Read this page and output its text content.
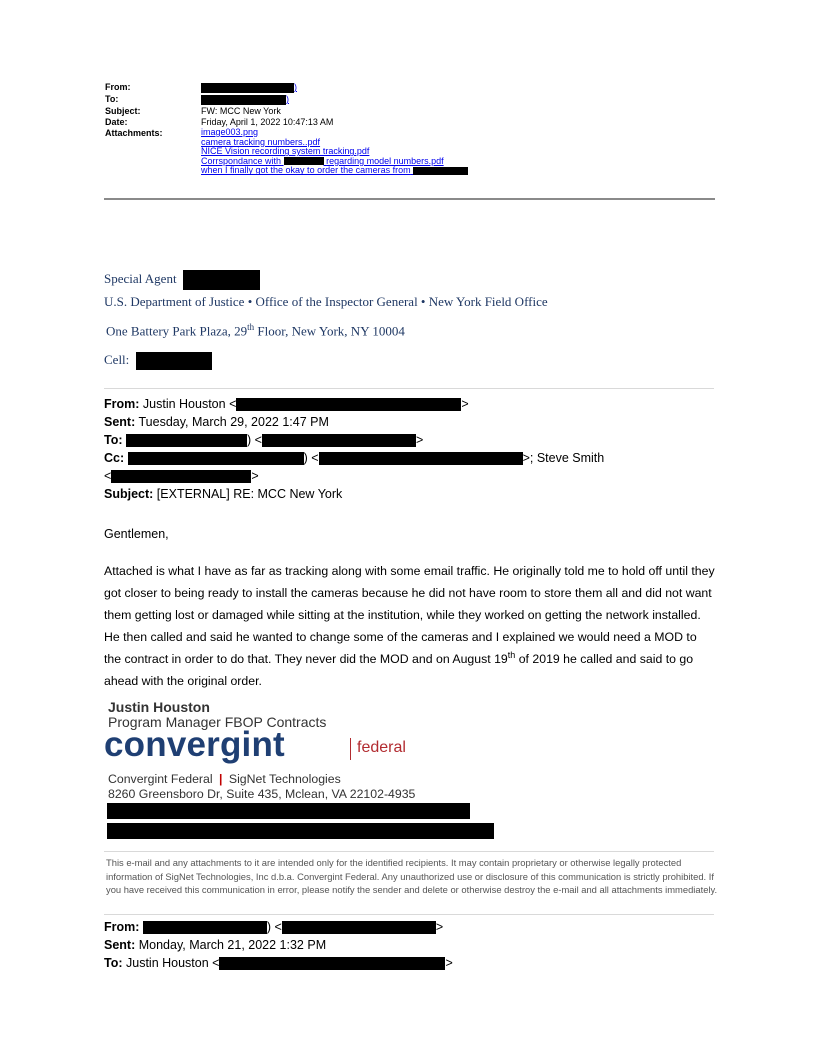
From:	)
To:	)
Subject:	FW: MCC New York
Date:	Friday, April 1, 2022 10:47:13 AM
Attachments:	image003.png
camera tracking numbers..pdf
NICE Vision recording system tracking.pdf
Corrspondance with	regarding model numbers.pdf
when I finally got the okay to order the cameras from
Special Agent
U.S. Department of Justice • Office of the Inspector General • New York Field Office
One Battery Park Plaza, 29th Floor, New York, NY 10004
Cell:
From: Justin Houston <	>
Sent: Tuesday, March 29, 2022 1:47 PM
To:	) <	>
Cc:	) <	>; Steve Smith
<	>
Subject: [EXTERNAL] RE: MCC New York
Gentlemen,
Attached is what I have as far as tracking along with some email traffic. He originally told me to hold off until they got closer to being ready to install the cameras because he did not have room to store them all and did not want them getting lost or damaged while sitting at the institution, while they worked on getting the network installed. He then called and said he wanted to change some of the cameras and I explained we would need a MOD to the contract in order to do that. They never did the MOD and on August 19th of 2019 he called and said to go ahead with the original order.
Justin Houston
Program Manager FBOP Contracts
convergint	federal
Convergint Federal | SigNet Technologies
8260 Greensboro Dr, Suite 435, Mclean, VA 22102-4935
This e-mail and any attachments to it are intended only for the identified recipients. It may contain proprietary or otherwise legally protected information of SigNet Technologies, Inc d.b.a. Convergint Federal. Any unauthorized use or disclosure of this communication is strictly prohibited. If you have received this communication in error, please notify the sender and delete or otherwise destroy the e-mail and all attachments immediately.
From:	) <	>
Sent: Monday, March 21, 2022 1:32 PM
To: Justin Houston <	>
